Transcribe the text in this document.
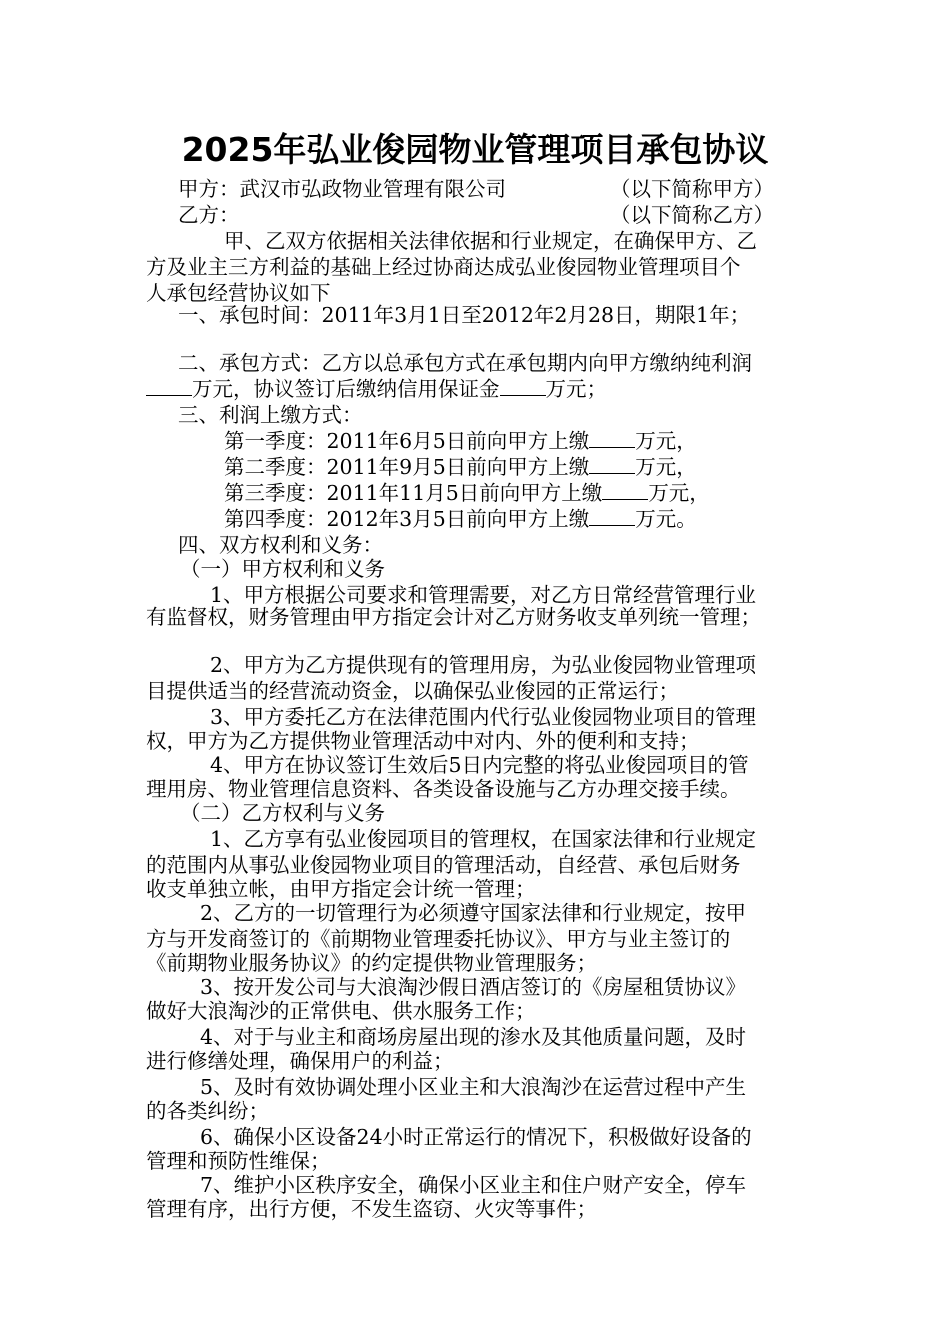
2025年弘业俊园物业管理项目承包协议
甲方：武汉市弘政物业管理有限公司	（以下简称甲方）
乙方：	（以下简称乙方）
甲、乙双方依据相关法律依据和行业规定，在确保甲方、乙
方及业主三方利益的基础上经过协商达成弘业俊园物业管理项目个
人承包经营协议如下
一、承包时间：2011年3月1日至2012年2月28日，期限1年；
二、承包方式：乙方以总承包方式在承包期内向甲方缴纳纯利润
万元，协议签订后缴纳信用保证金 万元；
三、利润上缴方式：
第一季度：2011年6月5日前向甲方上缴 万元，
第二季度：2011年9月5日前向甲方上缴 万元，
第三季度：2011年11月5日前向甲方上缴 万元，
第四季度：2012年3月5日前向甲方上缴 万元。
四、双方权利和义务：
（一）甲方权利和义务
1、甲方根据公司要求和管理需要，对乙方日常经营管理行业
有监督权，财务管理由甲方指定会计对乙方财务收支单列统一管理；
2、甲方为乙方提供现有的管理用房，为弘业俊园物业管理项
目提供适当的经营流动资金，以确保弘业俊园的正常运行；
3、甲方委托乙方在法律范围内代行弘业俊园物业项目的管理
权，甲方为乙方提供物业管理活动中对内、外的便利和支持；
4、甲方在协议签订生效后5日内完整的将弘业俊园项目的管
理用房、物业管理信息资料、各类设备设施与乙方办理交接手续。
（二）乙方权利与义务
1、乙方享有弘业俊园项目的管理权，在国家法律和行业规定
的范围内从事弘业俊园物业项目的管理活动，自经营、承包后财务
收支单独立帐，由甲方指定会计统一管理；
2、乙方的一切管理行为必须遵守国家法律和行业规定，按甲
方与开发商签订的《前期物业管理委托协议》、甲方与业主签订的
《前期物业服务协议》的约定提供物业管理服务；
3、按开发公司与大浪淘沙假日酒店签订的《房屋租赁协议》
做好大浪淘沙的正常供电、供水服务工作；
4、对于与业主和商场房屋出现的渗水及其他质量问题，及时
进行修缮处理，确保用户的利益；
5、及时有效协调处理小区业主和大浪淘沙在运营过程中产生
的各类纠纷；
6、确保小区设备24小时正常运行的情况下，积极做好设备的
管理和预防性维保；
7、维护小区秩序安全，确保小区业主和住户财产安全，停车
管理有序，出行方便，不发生盗窃、火灾等事件；
